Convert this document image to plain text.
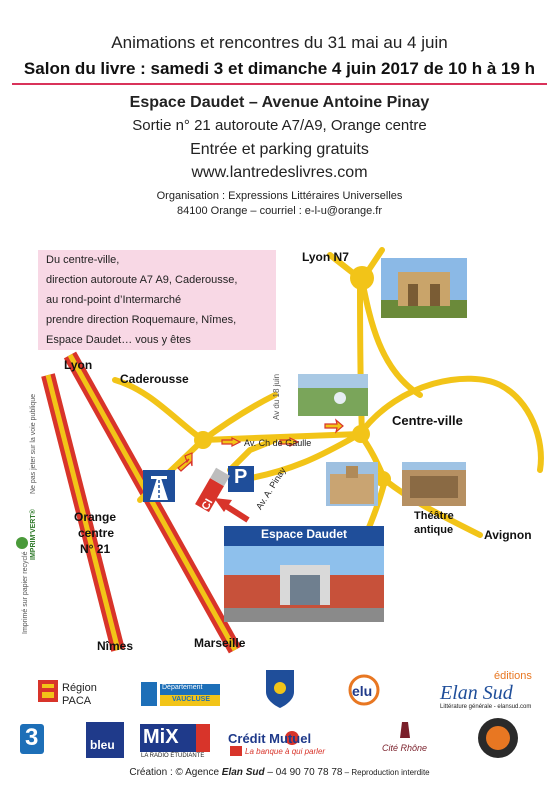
Animations et rencontres du 31 mai au 4 juin
Salon du livre : samedi 3 et dimanche 4 juin 2017 de 10 h à 19 h
Espace Daudet – Avenue Antoine Pinay
Sortie n° 21 autoroute A7/A9, Orange centre
Entrée et parking gratuits
www.lantredeslivres.com
Organisation : Expressions Littéraires Universelles
84100 Orange – courriel : e-l-u@orange.fr
Du centre-ville,
direction autoroute A7 A9, Caderousse,
au rond-point d’Intermarché
prendre direction Roquemaure, Nîmes,
Espace Daudet… vous y êtes
Lyon N7
Lyon
Caderousse
Centre-ville
Av. Ch de Gaulle
Av du 18 juin
Av. A. Pinay
Orange
centre
N° 21
Nîmes	Marseille
Avignon
Théâtre
antique
P
ICI
Espace Daudet
Imprimé sur papier recyclé
IMPRIM'VERT®
Ne pas jeter sur la voie publique
Région
PACA
Département
VAUCLUSE
elu
éditions
Elan Sud
Littérature générale - elansud.com
3	bleu MiX
LA RADIO ÉTUDIANTE
Crédit Mutuel
La banque à qui parler	Cité Rhône
Création : © Agence Elan Sud – 04 90 70 78 78 – Reproduction interdite
